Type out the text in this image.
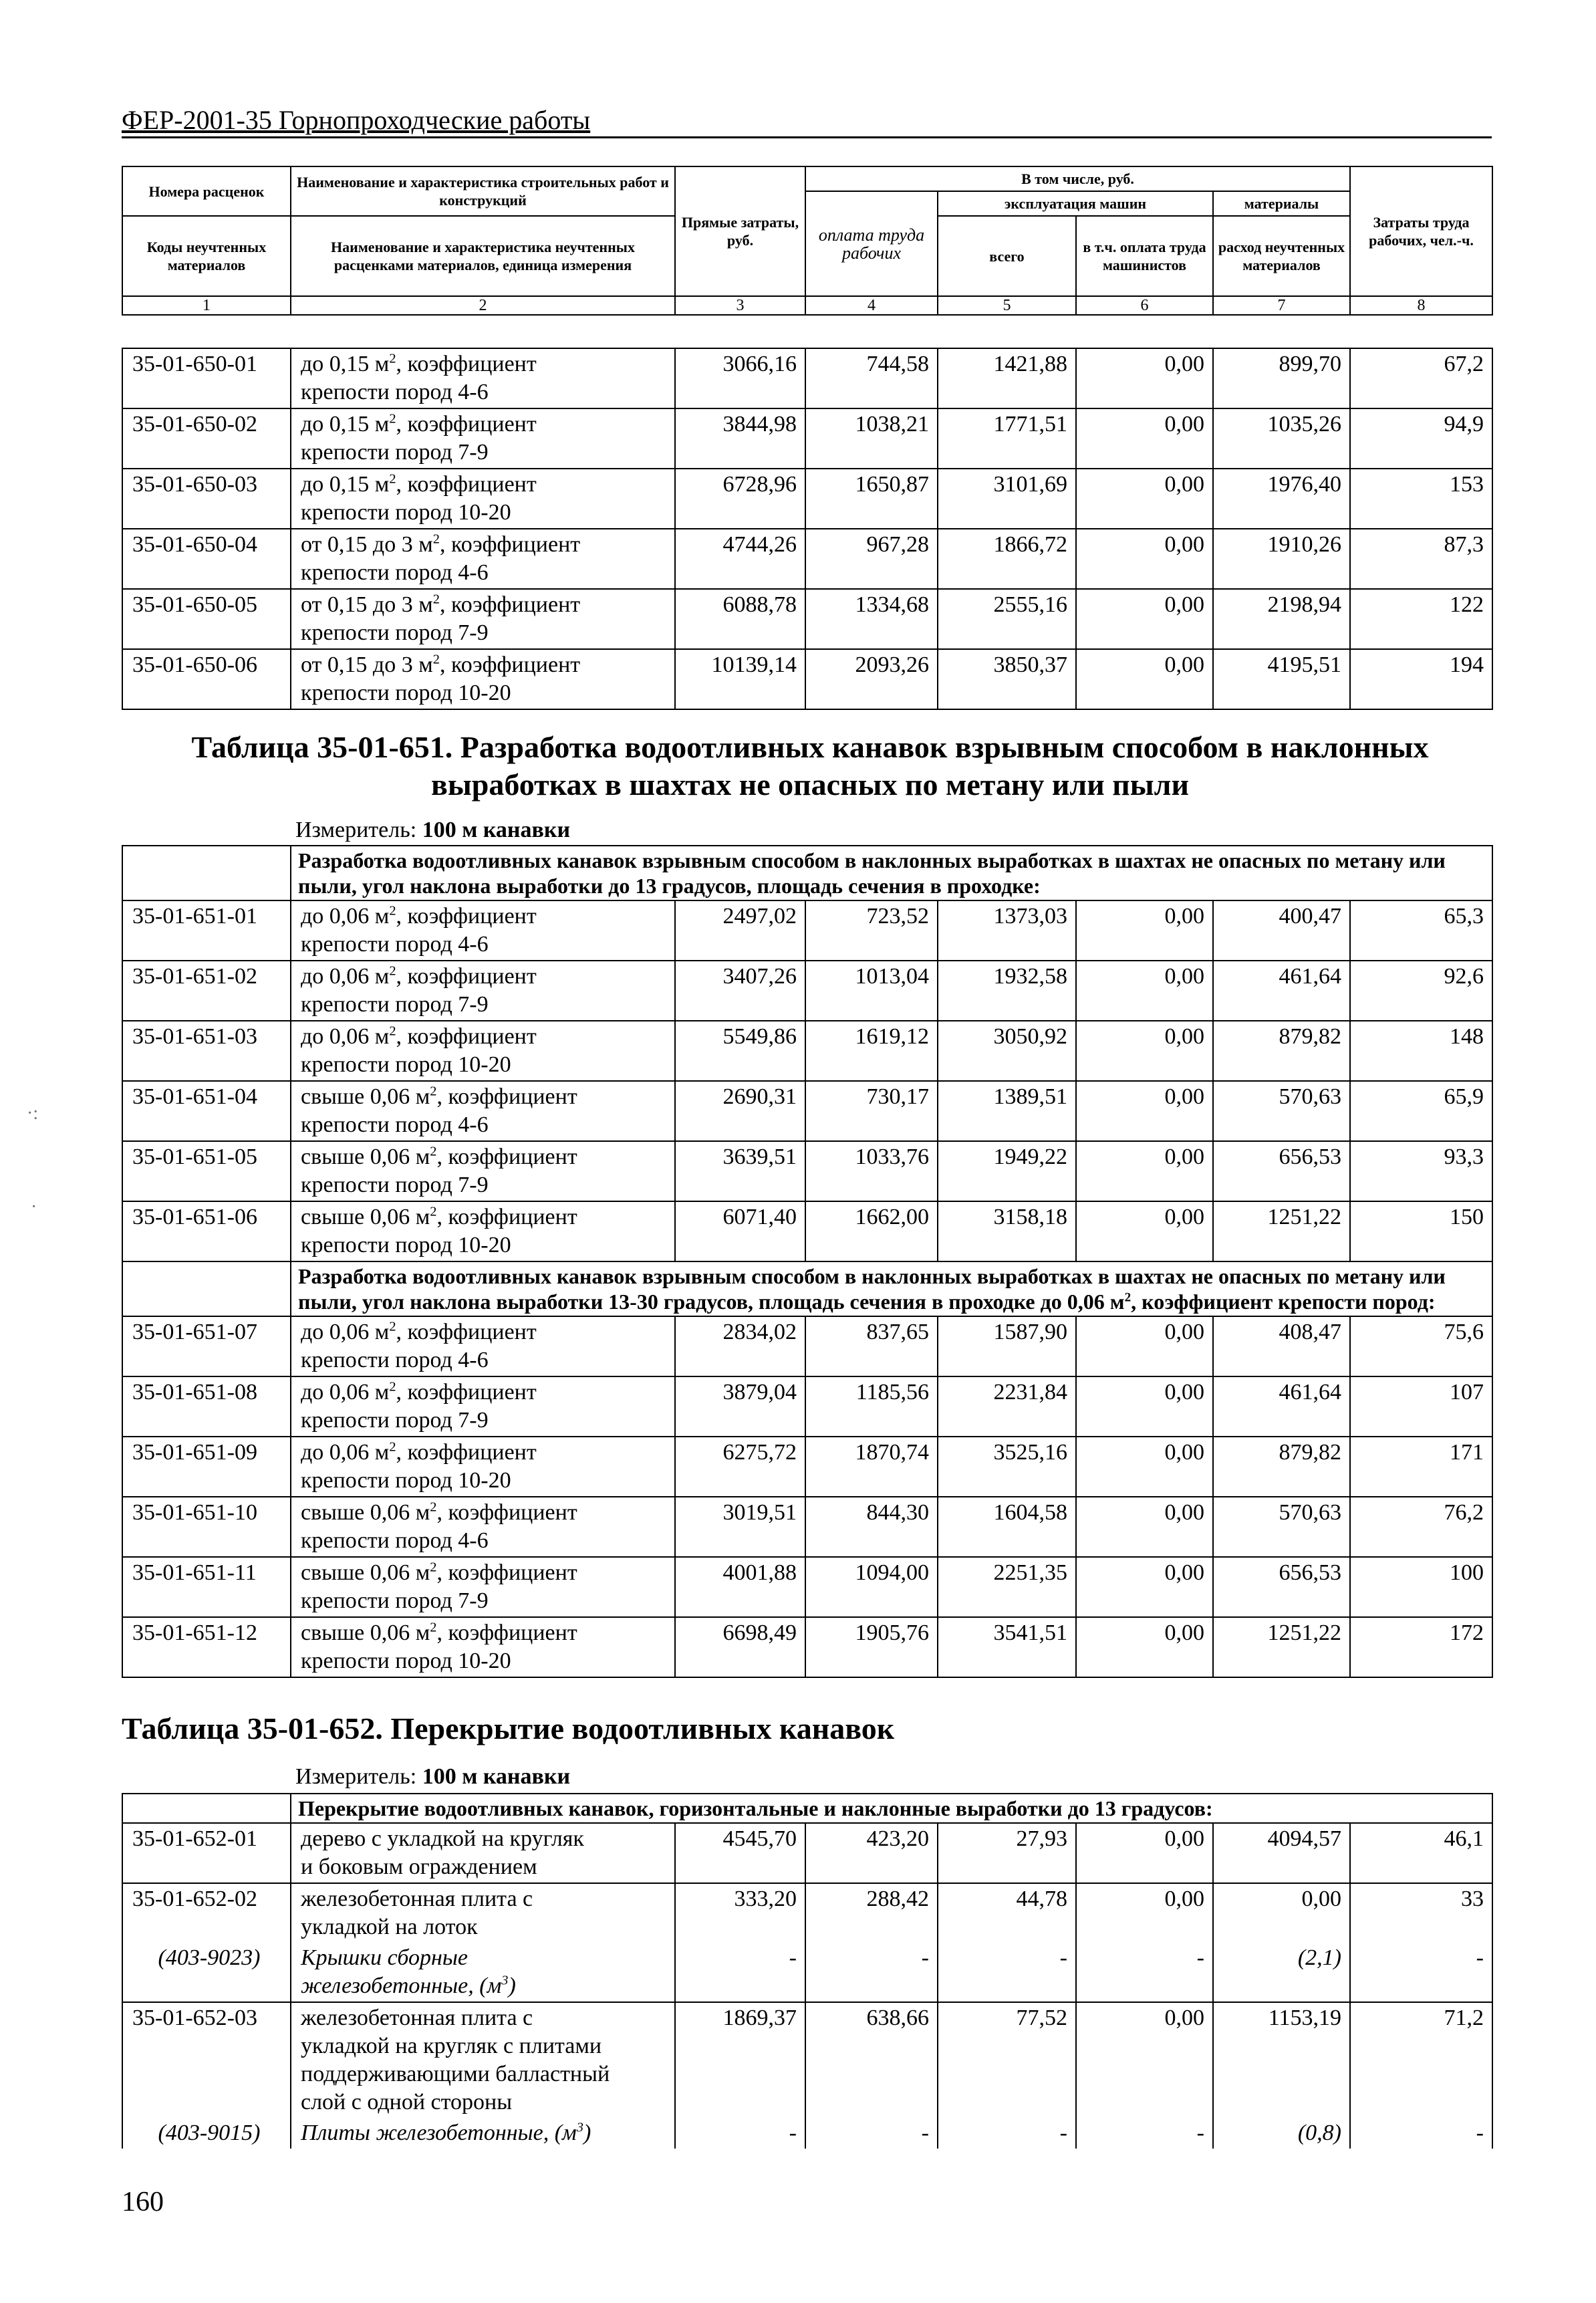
ФЕР-2001-35 Горнопроходческие работы
Номера расценок	Наименование и характеристика строительных работ и конструкций	Прямые затраты, руб.	В том числе, руб.				Затраты труда рабочих, чел.-ч.
			оплата труда рабочих	эксплуатация машин		материалы	
Коды неучтенных материалов	Наименование и характеристика неучтенных расценками материалов, единица измерения			всего	в т.ч. оплата труда машинистов	расход неучтенных материалов	

1	2	3	4	5	6	7	8
35-01-650-01	до 0,15 $м^2$, коэффициент
крепости пород 4-6	3066,16	744,58	1421,88	0,00	899,70	67,2
35-01-650-02	до 0,15 $м^2$, коэффициент
крепости пород 7-9	3844,98	1038,21	1771,51	0,00	1035,26	94,9
35-01-650-03	до 0,15 $м^2$, коэффициент
крепости пород 10-20	6728,96	1650,87	3101,69	0,00	1976,40	153
35-01-650-04	от 0,15 до 3 $м^2$, коэффициент
крепости пород 4-6	4744,26	967,28	1866,72	0,00	1910,26	87,3
35-01-650-05	от 0,15 до 3 $м^2$, коэффициент
крепости пород 7-9	6088,78	1334,68	2555,16	0,00	2198,94	122
35-01-650-06	от 0,15 до 3 $м^2$, коэффициент
крепости пород 10-20	10139,14	2093,26	3850,37	0,00	4195,51	194
Таблица 35-01-651. Разработка водоотливных канавок взрывным способом в наклонных
выработках в шахтах не опасных по метану или пыли
Измеритель: 100 м канавки
	Разработка водоотливных канавок взрывным способом в наклонных выработках в шахтах не опасных по метану или пыли, угол наклона выработки до 13 градусов, площадь сечения в проходке:						
35-01-651-01	до 0,06 $м^2$, коэффициент
крепости пород 4-6	2497,02	723,52	1373,03	0,00	400,47	65,3
35-01-651-02	до 0,06 $м^2$, коэффициент
крепости пород 7-9	3407,26	1013,04	1932,58	0,00	461,64	92,6
35-01-651-03	до 0,06 $м^2$, коэффициент
крепости пород 10-20	5549,86	1619,12	3050,92	0,00	879,82	148
35-01-651-04	свыше 0,06 $м^2$, коэффициент
крепости пород 4-6	2690,31	730,17	1389,51	0,00	570,63	65,9
35-01-651-05	свыше 0,06 $м^2$, коэффициент
крепости пород 7-9	3639,51	1033,76	1949,22	0,00	656,53	93,3
35-01-651-06	свыше 0,06 $м^2$, коэффициент
крепости пород 10-20	6071,40	1662,00	3158,18	0,00	1251,22	150
	Разработка водоотливных канавок взрывным способом в наклонных выработках в шахтах не опасных по метану или пыли, угол наклона выработки 13-30 градусов, площадь сечения в проходке до 0,06 $м^2$, коэффициент крепости пород:						
35-01-651-07	до 0,06 $м^2$, коэффициент
крепости пород 4-6	2834,02	837,65	1587,90	0,00	408,47	75,6
35-01-651-08	до 0,06 $м^2$, коэффициент
крепости пород 7-9	3879,04	1185,56	2231,84	0,00	461,64	107
35-01-651-09	до 0,06 $м^2$, коэффициент
крепости пород 10-20	6275,72	1870,74	3525,16	0,00	879,82	171
35-01-651-10	свыше 0,06 $м^2$, коэффициент
крепости пород 4-6	3019,51	844,30	1604,58	0,00	570,63	76,2
35-01-651-11	свыше 0,06 $м^2$, коэффициент
крепости пород 7-9	4001,88	1094,00	2251,35	0,00	656,53	100
35-01-651-12	свыше 0,06 $м^2$, коэффициент
крепости пород 10-20	6698,49	1905,76	3541,51	0,00	1251,22	172
Таблица 35-01-652. Перекрытие водоотливных канавок
Измеритель: 100 м канавки
	Перекрытие водоотливных канавок, горизонтальные и наклонные выработки до 13 градусов:						
35-01-652-01	дерево с укладкой на кругляк
и боковым ограждением	4545,70	423,20	27,93	0,00	4094,57	46,1
35-01-652-02	железобетонная плита с
укладкой на лоток	333,20	288,42	44,78	0,00	0,00	33
(403-9023)	Крышки сборные
железобетонные, $(м^3)$	-	-	-	-	(2,1)	-
35-01-652-03	железобетонная плита с
укладкой на кругляк с плитами
поддерживающими балластный
слой с одной стороны	1869,37	638,66	77,52	0,00	1153,19	71,2
(403-9015)	Плиты железобетонные, $(м^3)$	-	-	-	-	(0,8)	-
160
·:
·
